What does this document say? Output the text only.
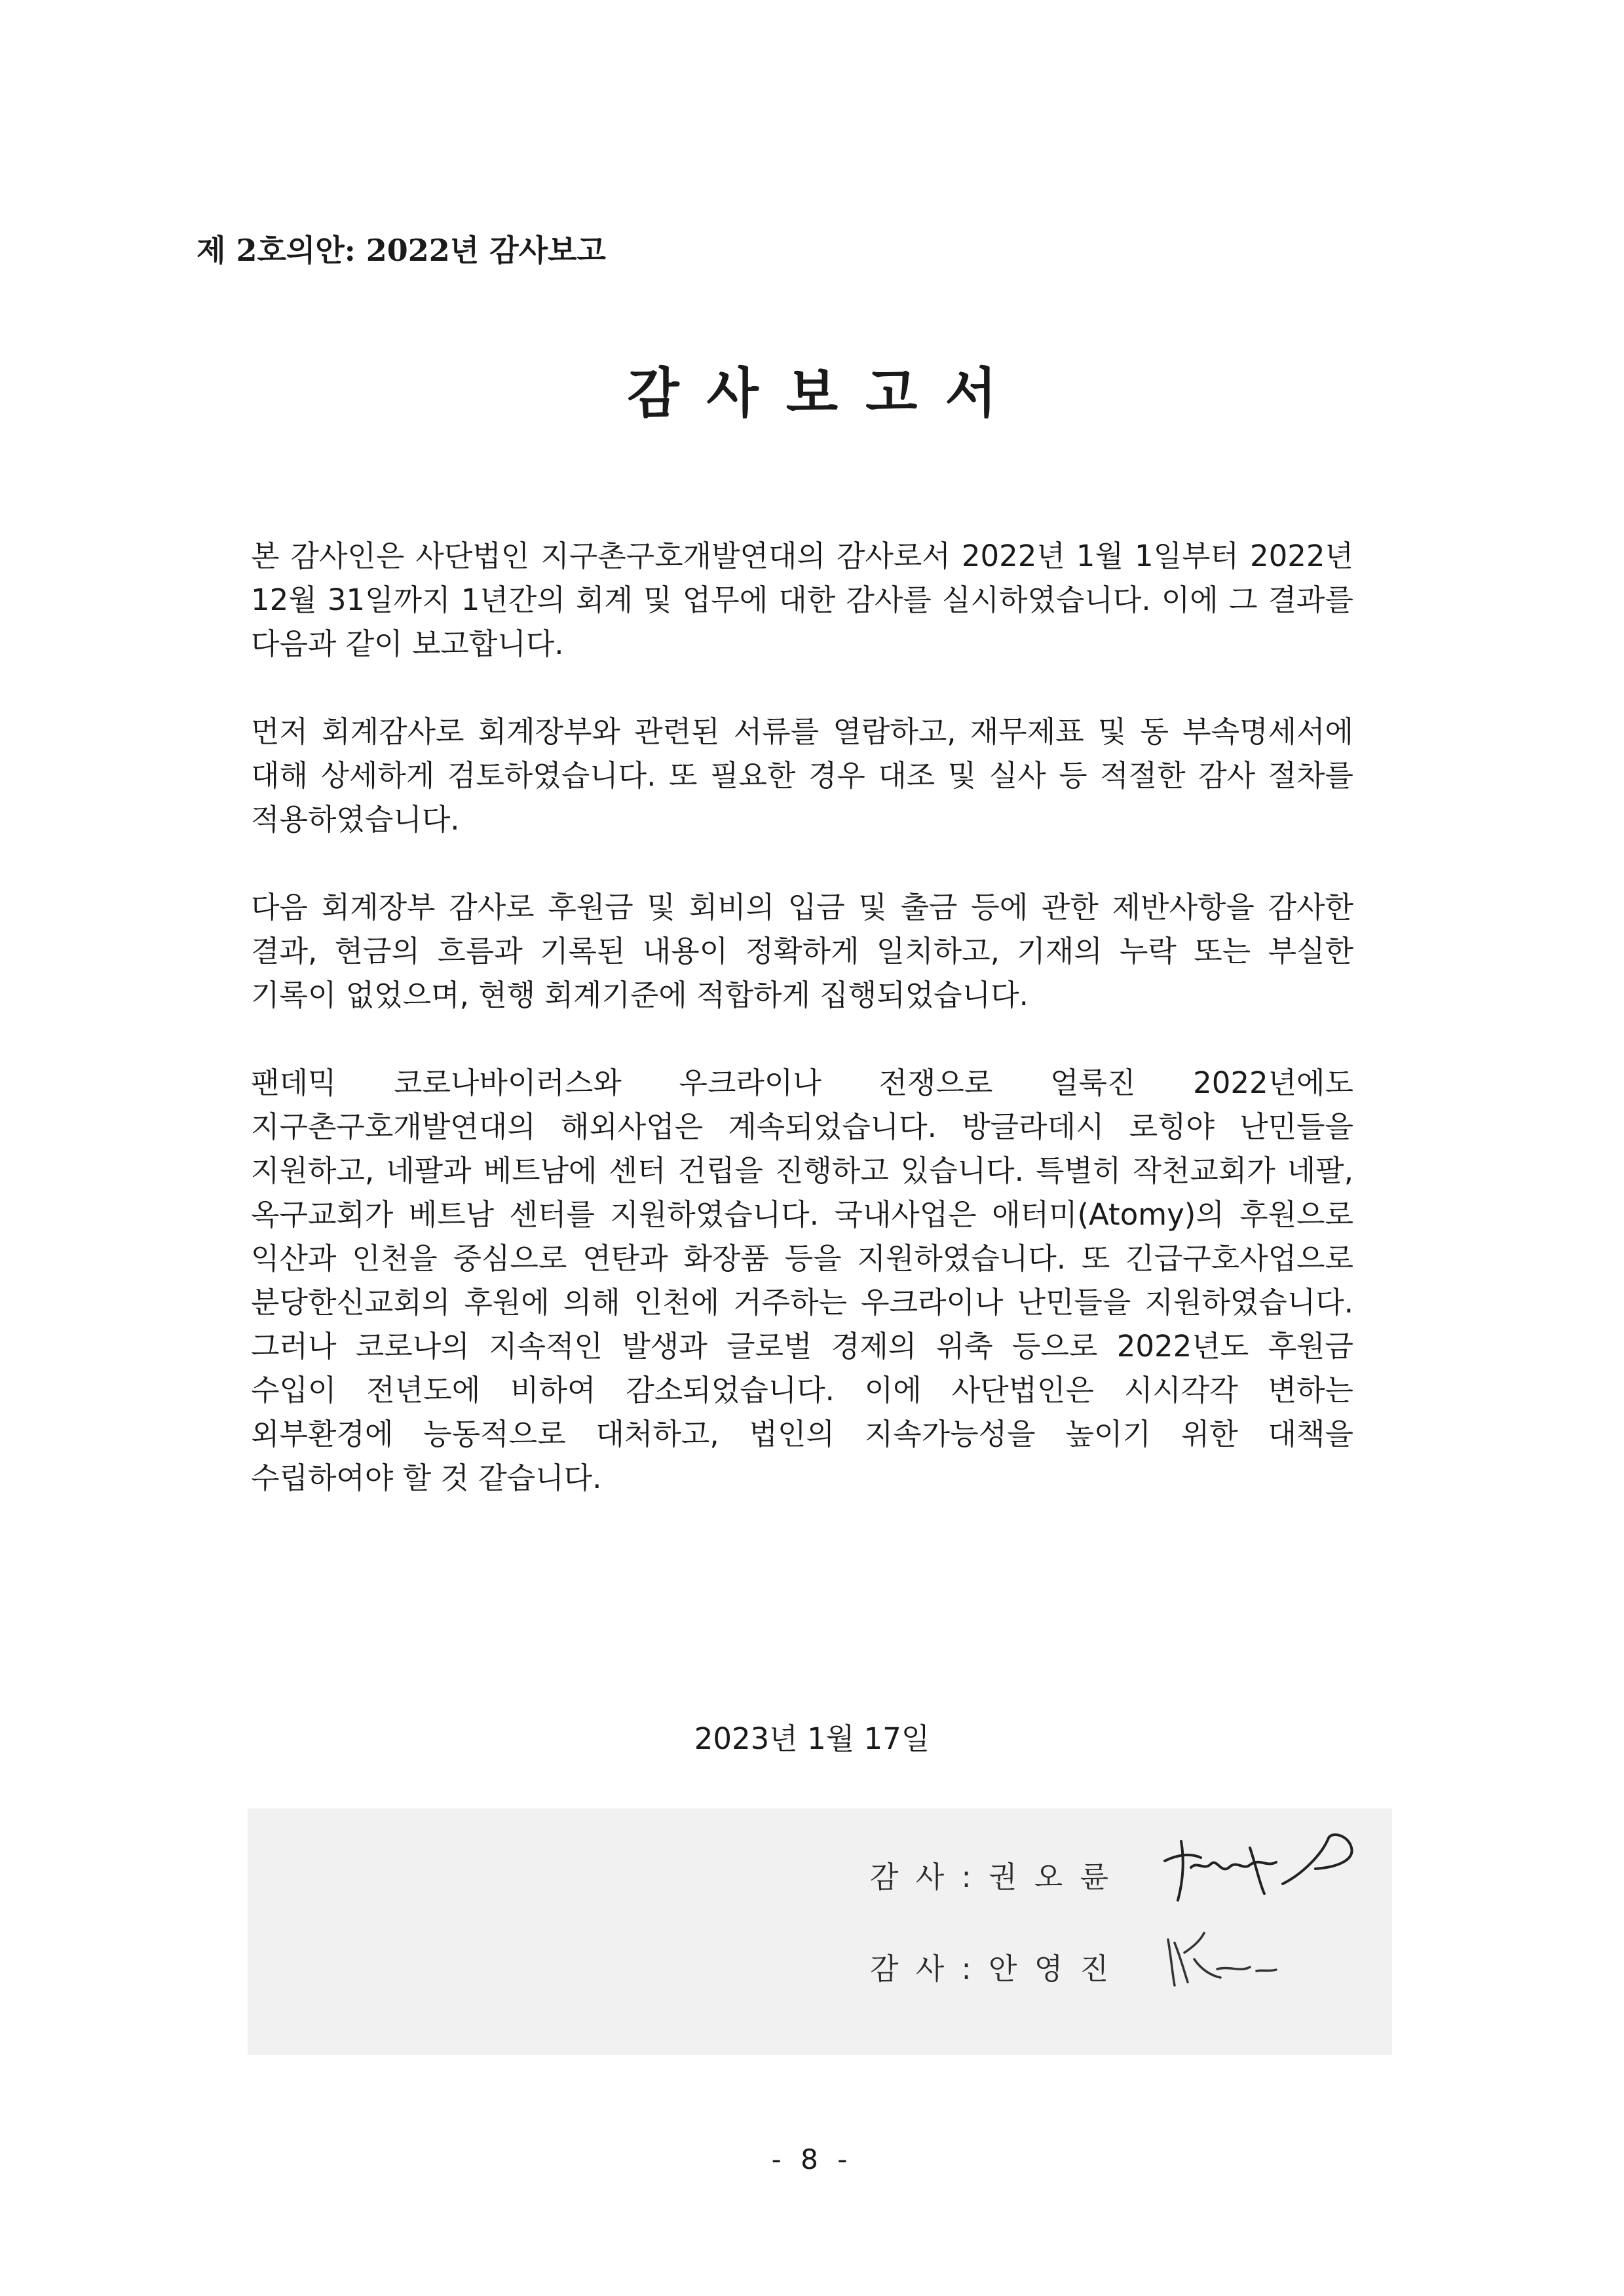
제 2호의안: 2022년 감사보고
감사보고서

본 감사인은 사단법인 지구촌구호개발연대의 감사로서 2022년 1월 1일부터 2022년 12월 31일까지 1년간의 회계 및 업무에 대한 감사를 실시하였습니다. 이에 그 결과를 다음과 같이 보고합니다.

먼저 회계감사로 회계장부와 관련된 서류를 열람하고, 재무제표 및 동 부속명세서에 대해 상세하게 검토하였습니다. 또 필요한 경우 대조 및 실사 등 적절한 감사 절차를 적용하였습니다.

다음 회계장부 감사로 후원금 및 회비의 입금 및 출금 등에 관한 제반사항을 감사한 결과, 현금의 흐름과 기록된 내용이 정확하게 일치하고, 기재의 누락 또는 부실한 기록이 없었으며, 현행 회계기준에 적합하게 집행되었습니다.

팬데믹 코로나바이러스와 우크라이나 전쟁으로 얼룩진 2022년에도 지구촌구호개발연대의 해외사업은 계속되었습니다. 방글라데시 로힝야 난민들을 지원하고, 네팔과 베트남에 센터 건립을 진행하고 있습니다. 특별히 작천교회가 네팔, 옥구교회가 베트남 센터를 지원하였습니다. 국내사업은 애터미(Atomy)의 후원으로 익산과 인천을 중심으로 연탄과 화장품 등을 지원하였습니다. 또 긴급구호사업으로 분당한신교회의 후원에 의해 인천에 거주하는 우크라이나 난민들을 지원하였습니다. 그러나 코로나의 지속적인 발생과 글로벌 경제의 위축 등으로 2022년도 후원금 수입이 전년도에 비하여 감소되었습니다. 이에 사단법인은 시시각각 변하는 외부환경에 능동적으로 대처하고, 법인의 지속가능성을 높이기 위한 대책을 수립하여야 할 것 같습니다.

2023년 1월 17일
감 사 : 권 오 륜
감 사 : 안 영 진
- 8 -
